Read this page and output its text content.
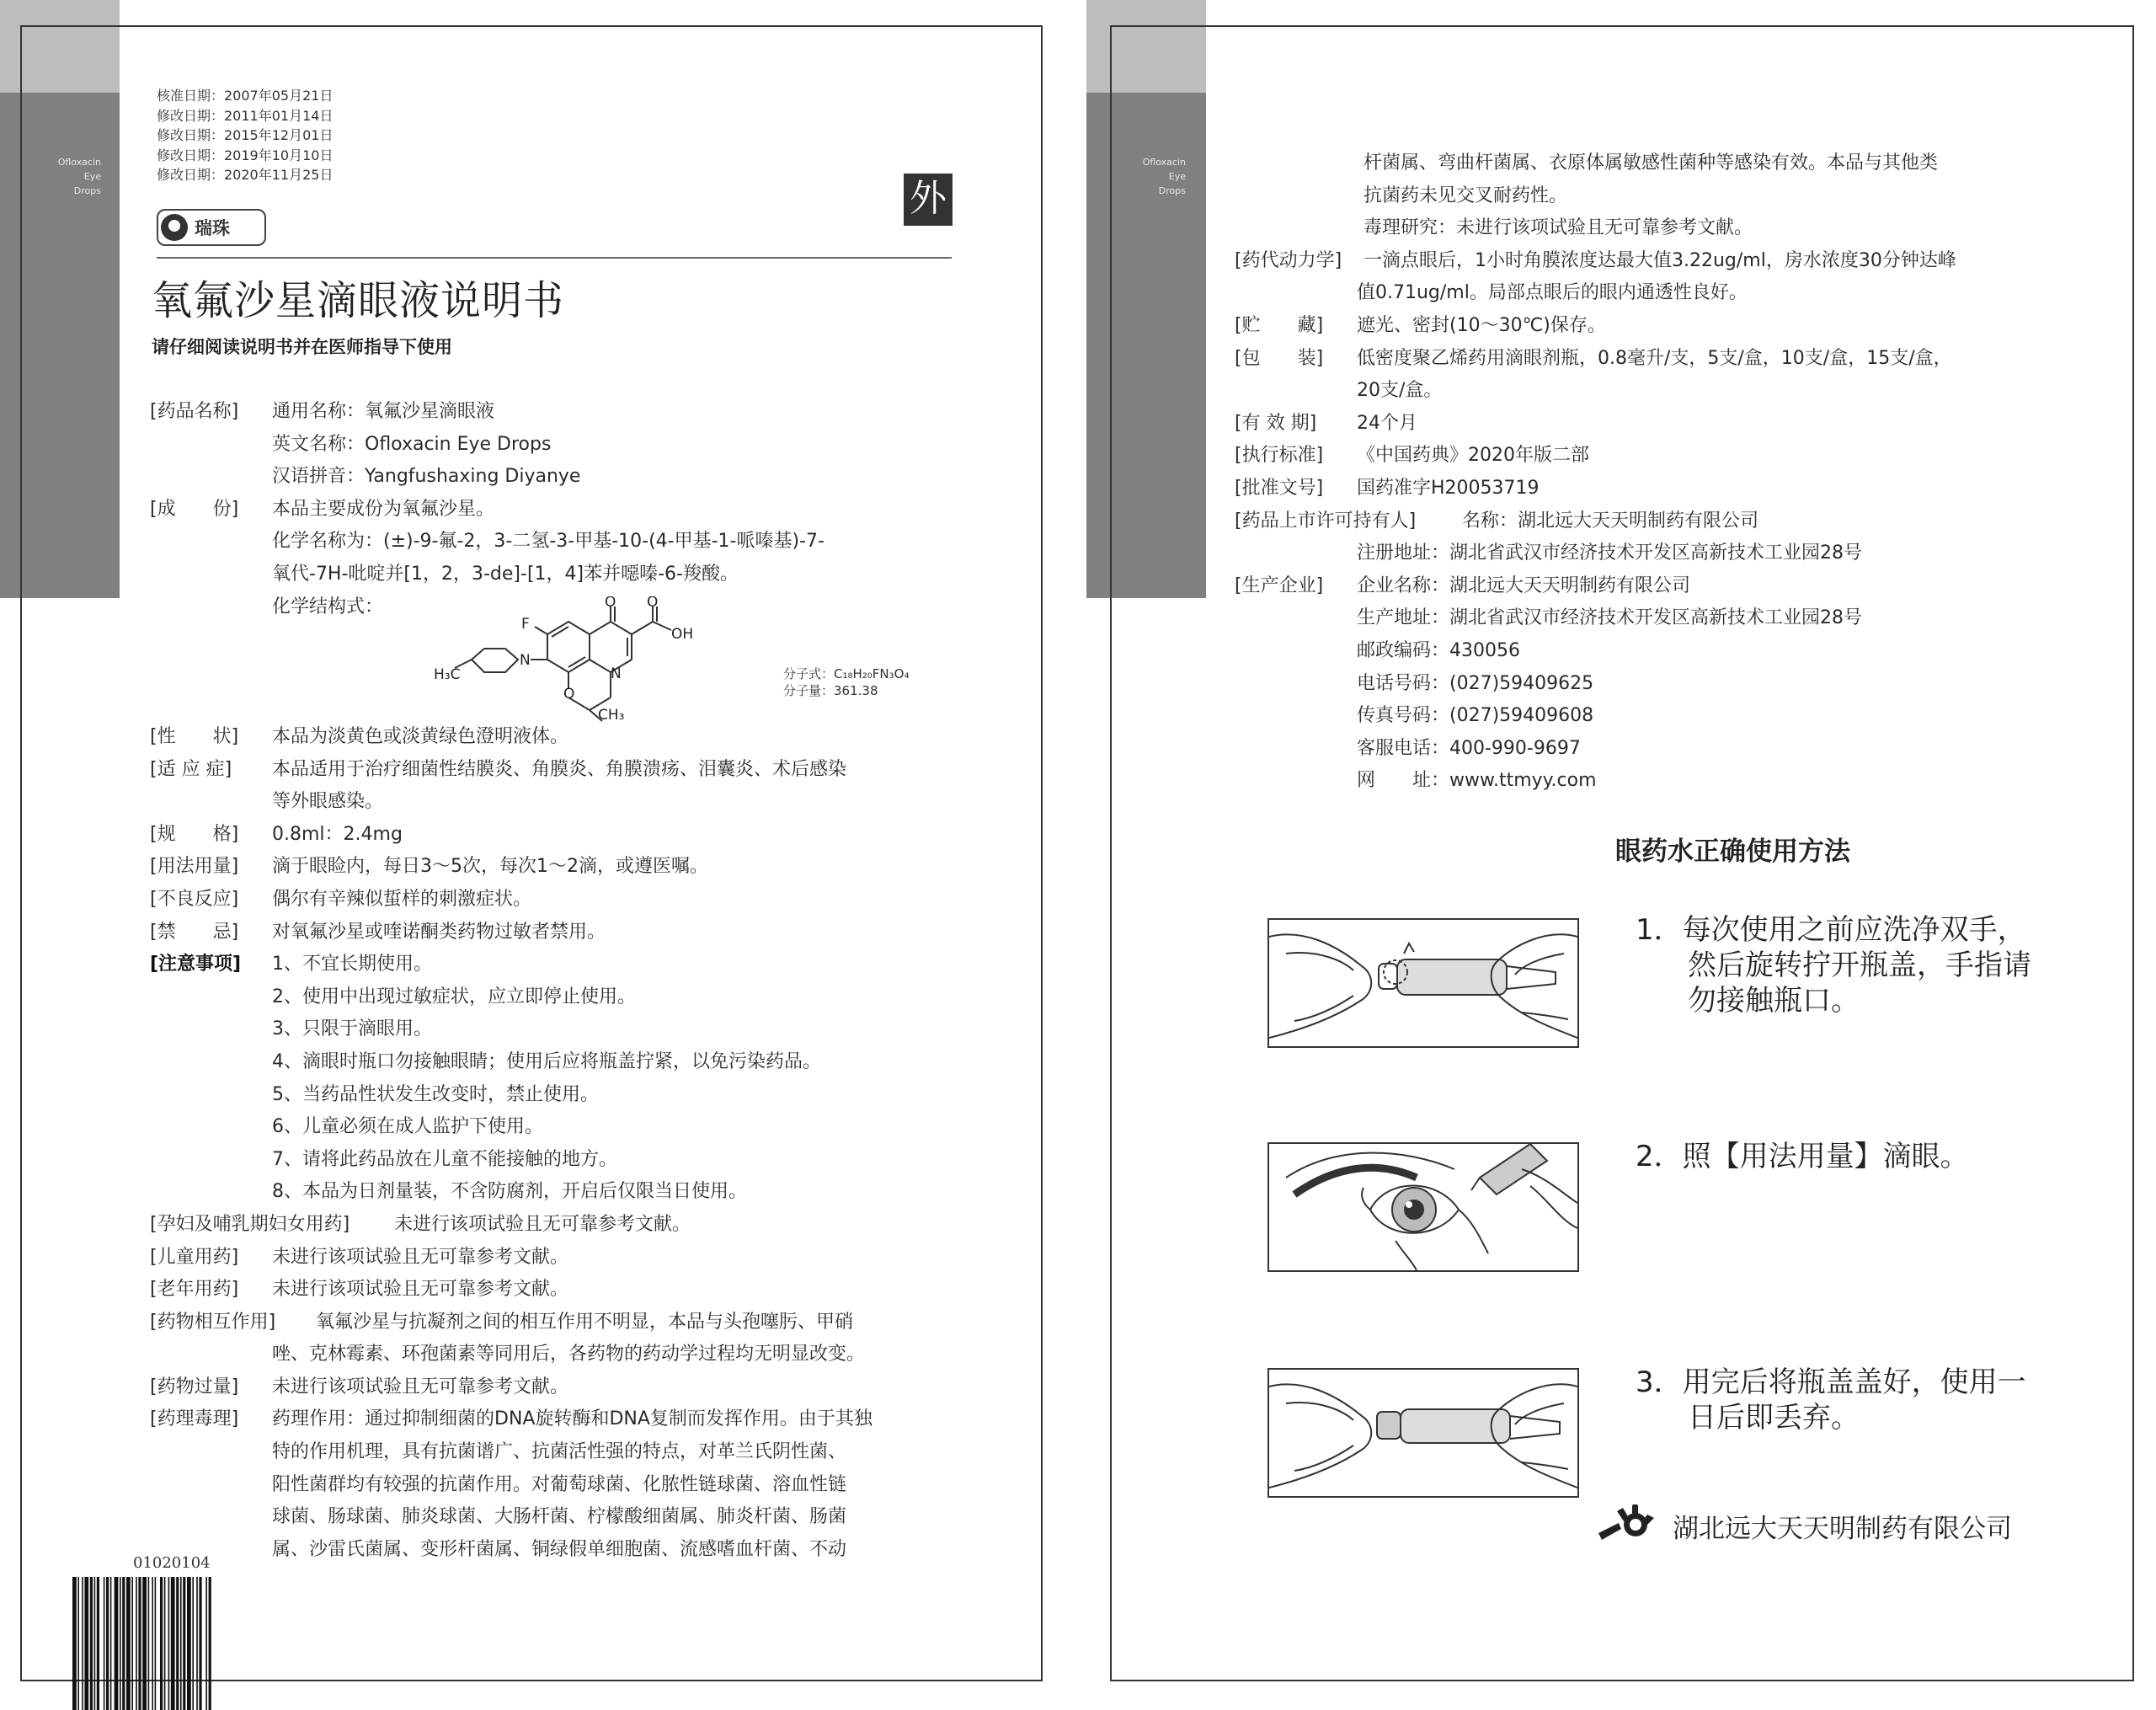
Ofloxacin
Eye
Drops
核准日期：2007年05月21日
修改日期：2011年01月14日
修改日期：2015年12月01日
修改日期：2019年10月10日
修改日期：2020年11月25日
瑞珠
外
氧氟沙星滴眼液说明书
请仔细阅读说明书并在医师指导下使用
[药品名称] 通用名称：氧氟沙星滴眼液
英文名称：Ofloxacin Eye Drops
汉语拼音：Yangfushaxing Diyanye
[成　　份] 本品主要成份为氧氟沙星。
化学名称为：(±)-9-氟-2，3-二氢-3-甲基-10-(4-甲基-1-哌嗪基)-7-
氧代-7H-吡啶并[1，2，3-de]-[1，4]苯并噁嗪-6-羧酸。
化学结构式：	O O
OH
F
N
N
H₃C
CH₃
O
分子式：C₁₈H₂₀FN₃O₄
分子量：361.38
[性　　状] 本品为淡黄色或淡黄绿色澄明液体。
[适 应 症] 本品适用于治疗细菌性结膜炎、角膜炎、角膜溃疡、泪囊炎、术后感染
等外眼感染。
[规　　格] 0.8ml：2.4mg
[用法用量] 滴于眼睑内，每日3～5次，每次1～2滴，或遵医嘱。
[不良反应] 偶尔有辛辣似蜇样的刺激症状。
[禁　　忌] 对氧氟沙星或喹诺酮类药物过敏者禁用。
[注意事项] 1、不宜长期使用。
2、使用中出现过敏症状，应立即停止使用。
3、只限于滴眼用。
4、滴眼时瓶口勿接触眼睛；使用后应将瓶盖拧紧，以免污染药品。
5、当药品性状发生改变时，禁止使用。
6、儿童必须在成人监护下使用。
7、请将此药品放在儿童不能接触的地方。
8、本品为日剂量装，不含防腐剂，开启后仅限当日使用。
[孕妇及哺乳期妇女用药] 未进行该项试验且无可靠参考文献。
[儿童用药] 未进行该项试验且无可靠参考文献。
[老年用药] 未进行该项试验且无可靠参考文献。
[药物相互作用] 氧氟沙星与抗凝剂之间的相互作用不明显，本品与头孢噻肟、甲硝
唑、克林霉素、环孢菌素等同用后，各药物的药动学过程均无明显改变。
[药物过量] 未进行该项试验且无可靠参考文献。
[药理毒理] 药理作用：通过抑制细菌的DNA旋转酶和DNA复制而发挥作用。由于其独
特的作用机理，具有抗菌谱广、抗菌活性强的特点，对革兰氏阴性菌、
阳性菌群均有较强的抗菌作用。对葡萄球菌、化脓性链球菌、溶血性链
球菌、肠球菌、肺炎球菌、大肠杆菌、柠檬酸细菌属、肺炎杆菌、肠菌
属、沙雷氏菌属、变形杆菌属、铜绿假单细胞菌、流感嗜血杆菌、不动
01020104
Ofloxacin
Eye
Drops
杆菌属、弯曲杆菌属、衣原体属敏感性菌种等感染有效。本品与其他类
抗菌药未见交叉耐药性。
毒理研究：未进行该项试验且无可靠参考文献。
[药代动力学] 一滴点眼后，1小时角膜浓度达最大值3.22ug/ml，房水浓度30分钟达峰
值0.71ug/ml。局部点眼后的眼内通透性良好。
[贮　　藏] 遮光、密封(10～30℃)保存。
[包　　装] 低密度聚乙烯药用滴眼剂瓶，0.8毫升/支，5支/盒，10支/盒，15支/盒，
20支/盒。
[有 效 期] 24个月
[执行标准] 《中国药典》2020年版二部
[批准文号] 国药准字H20053719
[药品上市许可持有人] 名称：湖北远大天天明制药有限公司
注册地址：湖北省武汉市经济技术开发区高新技术工业园28号
[生产企业] 企业名称：湖北远大天天明制药有限公司
生产地址：湖北省武汉市经济技术开发区高新技术工业园28号
邮政编码：430056
电话号码：(027)59409625
传真号码：(027)59409608
客服电话：400-990-9697
网　　址：www.ttmyy.com
眼药水正确使用方法
1．每次使用之前应洗净双手，
然后旋转拧开瓶盖，手指请
勿接触瓶口。
2．照【用法用量】滴眼。
3．用完后将瓶盖盖好，使用一
日后即丢弃。
湖北远大天天明制药有限公司
